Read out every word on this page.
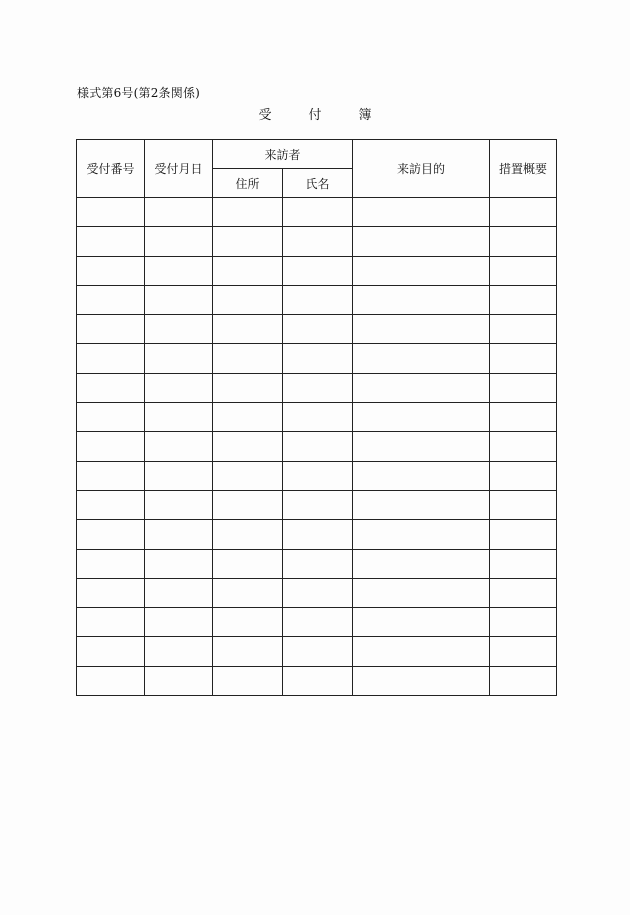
様式第6号(第2条関係)
受　付　簿
受付番号	受付月日	来訪者		来訪目的	措置概要
		住所	氏名		
